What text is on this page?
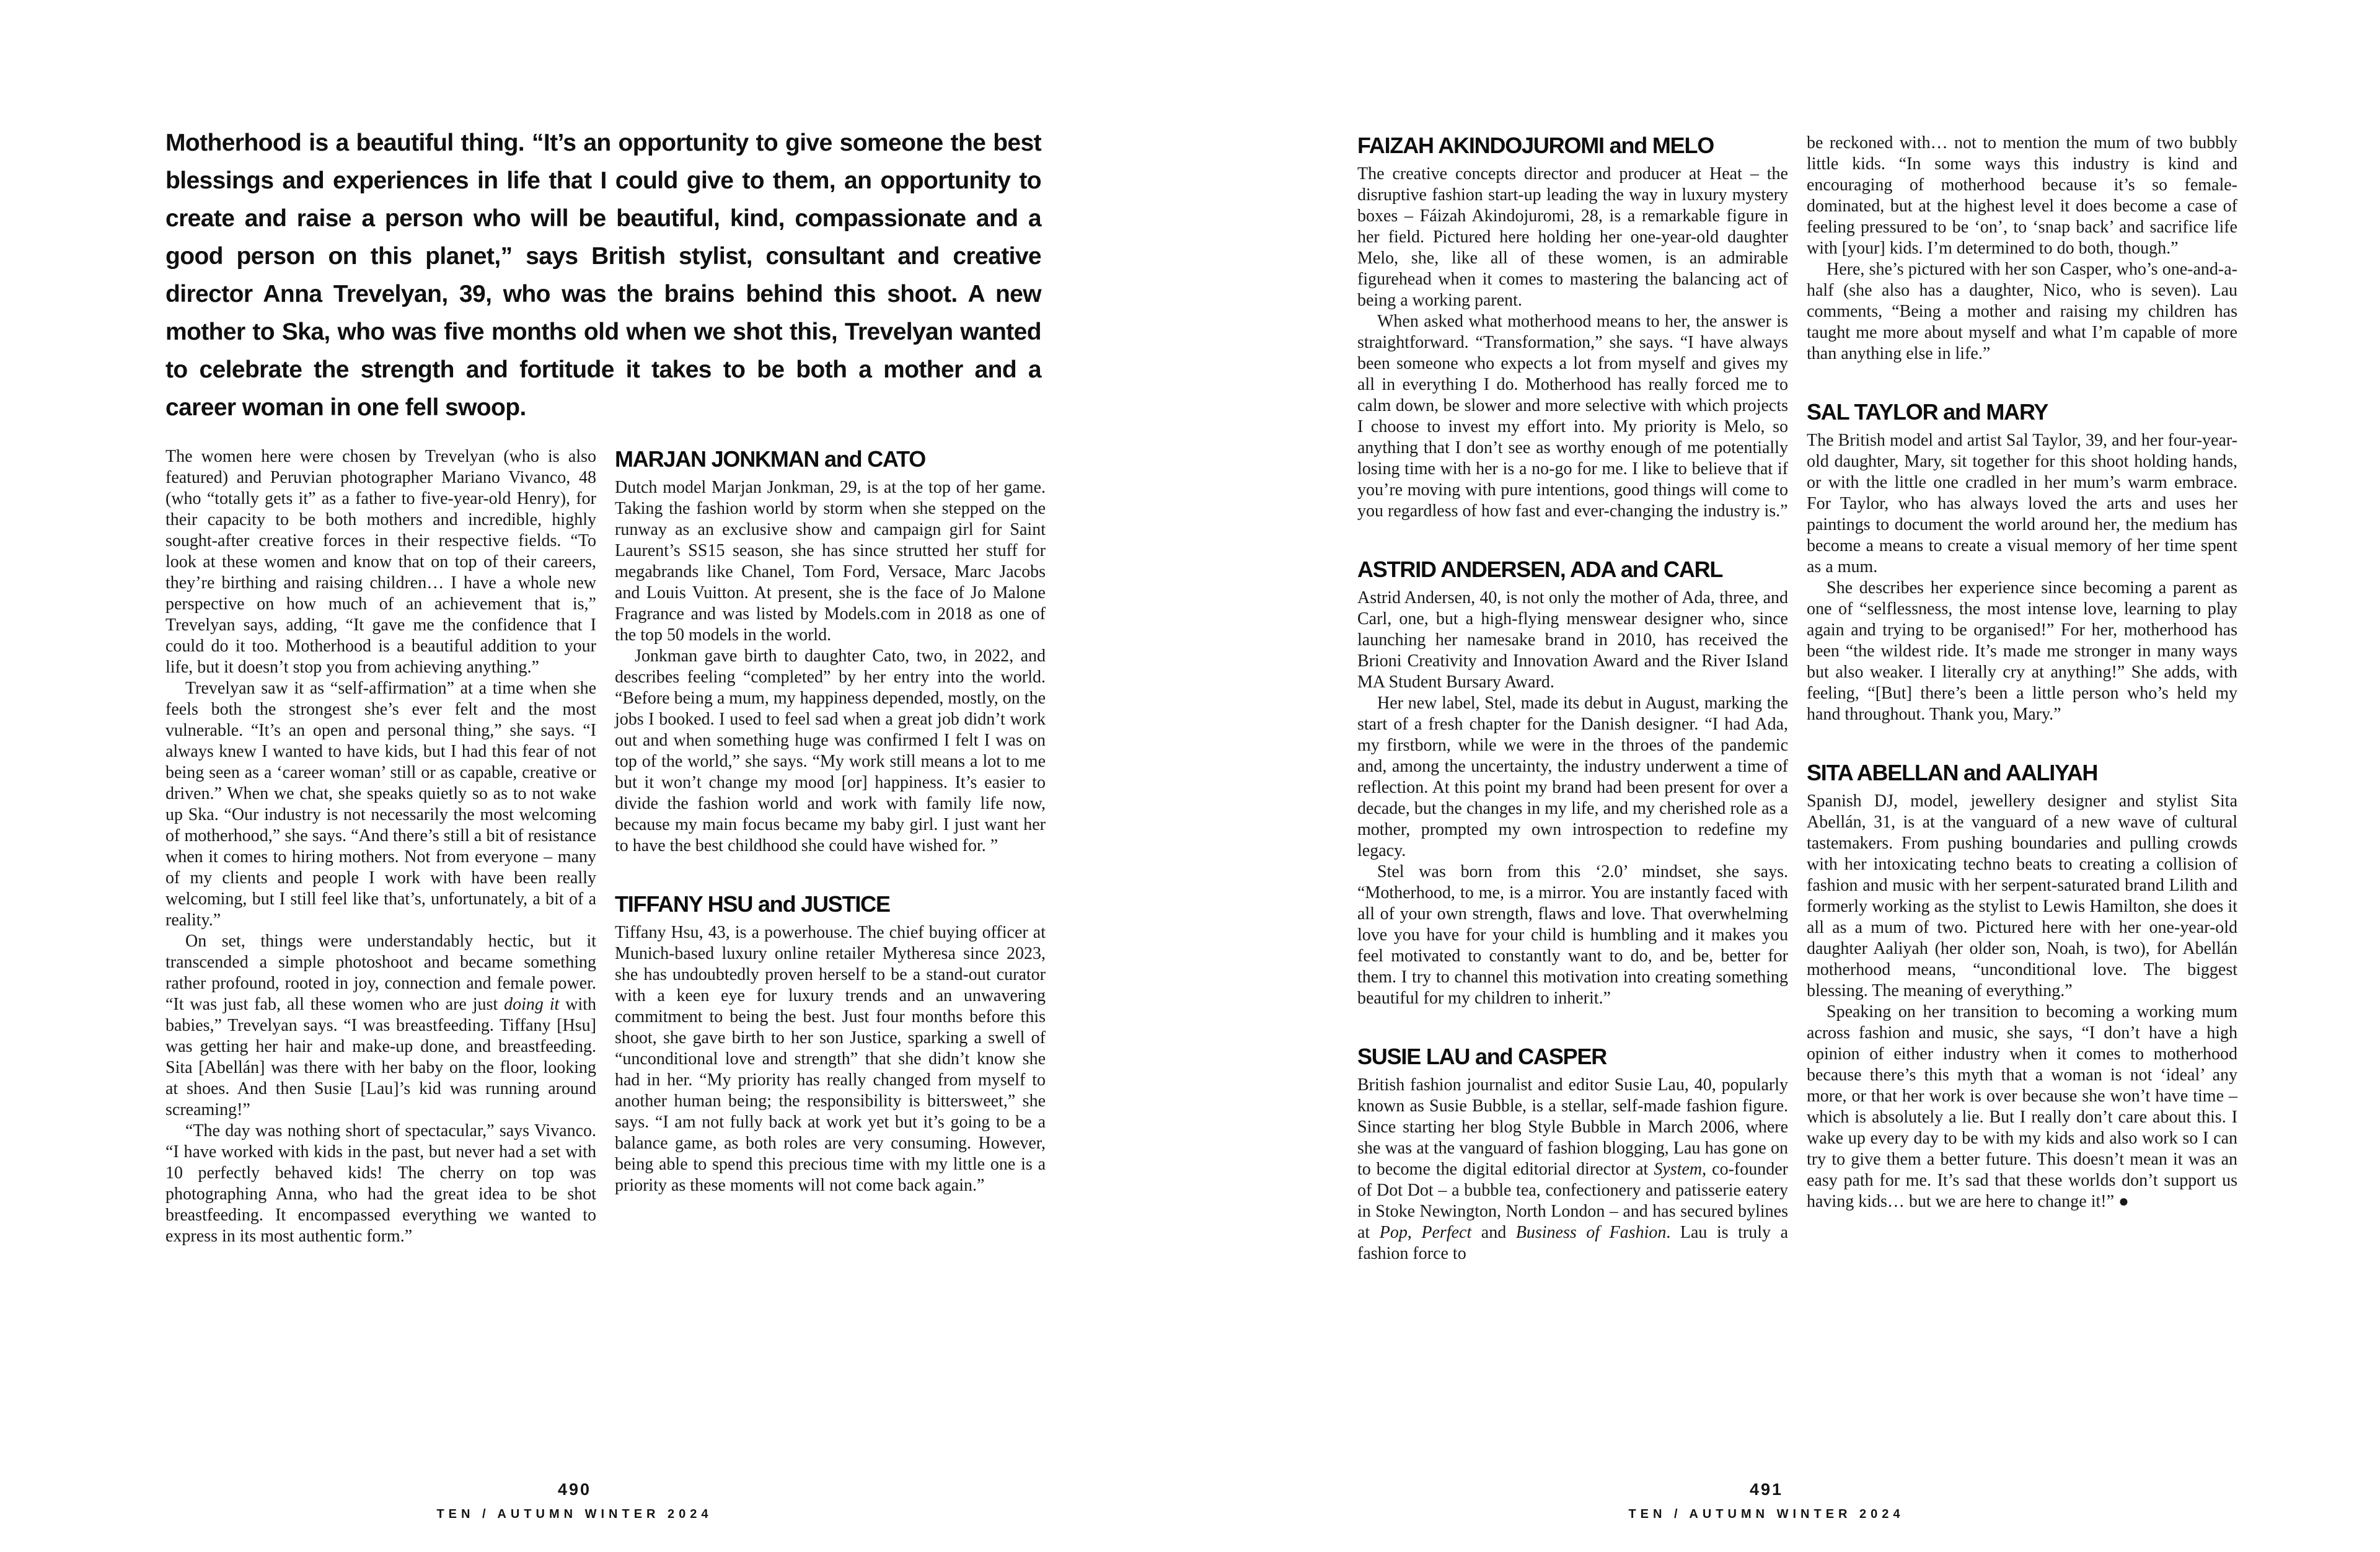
Motherhood is a beautiful thing. “It’s an opportunity to give someone the best blessings and experiences in life that I could give to them, an opportunity to create and raise a person who will be beautiful, kind, compassionate and a good person on this planet,” says British stylist, consultant and creative director Anna Trevelyan, 39, who was the brains behind this shoot. A new mother to Ska, who was five months old when we shot this, Trevelyan wanted to celebrate the strength and fortitude it takes to be both a mother and a career woman in one fell swoop.

The women here were chosen by Trevelyan (who is also featured) and Peruvian photographer Mariano Vivanco, 48 (who “totally gets it” as a father to five-year-old Henry), for their capacity to be both mothers and incredible, highly sought-after creative forces in their respective fields. “To look at these women and know that on top of their careers, they’re birthing and raising children… I have a whole new perspective on how much of an achievement that is,” Trevelyan says, adding, “It gave me the confidence that I could do it too. Motherhood is a beautiful addition to your life, but it doesn’t stop you from achieving anything.”

Trevelyan saw it as “self-affirmation” at a time when she feels both the strongest she’s ever felt and the most vulnerable. “It’s an open and personal thing,” she says. “I always knew I wanted to have kids, but I had this fear of not being seen as a ‘career woman’ still or as capable, creative or driven.” When we chat, she speaks quietly so as to not wake up Ska. “Our industry is not necessarily the most welcoming of motherhood,” she says. “And there’s still a bit of resistance when it comes to hiring mothers. Not from everyone – many of my clients and people I work with have been really welcoming, but I still feel like that’s, unfortunately, a bit of a reality.”

On set, things were understandably hectic, but it transcended a simple photoshoot and became something rather profound, rooted in joy, connection and female power. “It was just fab, all these women who are just doing it with babies,” Trevelyan says. “I was breastfeeding. Tiffany [Hsu] was getting her hair and make-up done, and breastfeeding. Sita [Abellán] was there with her baby on the floor, looking at shoes. And then Susie [Lau]’s kid was running around screaming!”

“The day was nothing short of spectacular,” says Vivanco. “I have worked with kids in the past, but never had a set with 10 perfectly behaved kids! The cherry on top was photographing Anna, who had the great idea to be shot breastfeeding. It encompassed everything we wanted to express in its most authentic form.”

MARJAN JONKMAN and CATO

Dutch model Marjan Jonkman, 29, is at the top of her game. Taking the fashion world by storm when she stepped on the runway as an exclusive show and campaign girl for Saint Laurent’s SS15 season, she has since strutted her stuff for megabrands like Chanel, Tom Ford, Versace, Marc Jacobs and Louis Vuitton. At present, she is the face of Jo Malone Fragrance and was listed by Models.com in 2018 as one of the top 50 models in the world.

Jonkman gave birth to daughter Cato, two, in 2022, and describes feeling “completed” by her entry into the world. “Before being a mum, my happiness depended, mostly, on the jobs I booked. I used to feel sad when a great job didn’t work out and when something huge was confirmed I felt I was on top of the world,” she says. “My work still means a lot to me but it won’t change my mood [or] happiness. It’s easier to divide the fashion world and work with family life now, because my main focus became my baby girl. I just want her to have the best childhood she could have wished for. ”

TIFFANY HSU and JUSTICE

Tiffany Hsu, 43, is a powerhouse. The chief buying officer at Munich-based luxury online retailer Mytheresa since 2023, she has undoubtedly proven herself to be a stand-out curator with a keen eye for luxury trends and an unwavering commitment to being the best. Just four months before this shoot, she gave birth to her son Justice, sparking a swell of “unconditional love and strength” that she didn’t know she had in her. “My priority has really changed from myself to another human being; the responsibility is bittersweet,” she says. “I am not fully back at work yet but it’s going to be a balance game, as both roles are very consuming. However, being able to spend this precious time with my little one is a priority as these moments will not come back again.”

FAIZAH AKINDOJUROMI and MELO

The creative concepts director and producer at Heat – the disruptive fashion start-up leading the way in luxury mystery boxes – Fáizah Akindojuromi, 28, is a remarkable figure in her field. Pictured here holding her one-year-old daughter Melo, she, like all of these women, is an admirable figurehead when it comes to mastering the balancing act of being a working parent.

When asked what motherhood means to her, the answer is straightforward. “Transformation,” she says. “I have always been someone who expects a lot from myself and gives my all in everything I do. Motherhood has really forced me to calm down, be slower and more selective with which projects I choose to invest my effort into. My priority is Melo, so anything that I don’t see as worthy enough of me potentially losing time with her is a no-go for me. I like to believe that if you’re moving with pure intentions, good things will come to you regardless of how fast and ever-changing the industry is.”

ASTRID ANDERSEN, ADA and CARL

Astrid Andersen, 40, is not only the mother of Ada, three, and Carl, one, but a high-flying menswear designer who, since launching her namesake brand in 2010, has received the Brioni Creativity and Innovation Award and the River Island MA Student Bursary Award.

Her new label, Stel, made its debut in August, marking the start of a fresh chapter for the Danish designer. “I had Ada, my firstborn, while we were in the throes of the pandemic and, among the uncertainty, the industry underwent a time of reflection. At this point my brand had been present for over a decade, but the changes in my life, and my cherished role as a mother, prompted my own introspection to redefine my legacy.

Stel was born from this ‘2.0’ mindset, she says. “Motherhood, to me, is a mirror. You are instantly faced with all of your own strength, flaws and love. That overwhelming love you have for your child is humbling and it makes you feel motivated to constantly want to do, and be, better for them. I try to channel this motivation into creating something beautiful for my children to inherit.”

SUSIE LAU and CASPER

British fashion journalist and editor Susie Lau, 40, popularly known as Susie Bubble, is a stellar, self-made fashion figure. Since starting her blog Style Bubble in March 2006, where she was at the vanguard of fashion blogging, Lau has gone on to become the digital editorial director at System, co-founder of Dot Dot – a bubble tea, confectionery and patisserie eatery in Stoke Newington, North London – and has secured bylines at Pop, Perfect and Business of Fashion. Lau is truly a fashion force to

be reckoned with… not to mention the mum of two bubbly little kids. “In some ways this industry is kind and encouraging of motherhood because it’s so female-dominated, but at the highest level it does become a case of feeling pressured to be ‘on’, to ‘snap back’ and sacrifice life with [your] kids. I’m determined to do both, though.”

Here, she’s pictured with her son Casper, who’s one-and-a-half (she also has a daughter, Nico, who is seven). Lau comments, “Being a mother and raising my children has taught me more about myself and what I’m capable of more than anything else in life.”

SAL TAYLOR and MARY

The British model and artist Sal Taylor, 39, and her four-year-old daughter, Mary, sit together for this shoot holding hands, or with the little one cradled in her mum’s warm embrace. For Taylor, who has always loved the arts and uses her paintings to document the world around her, the medium has become a means to create a visual memory of her time spent as a mum.

She describes her experience since becoming a parent as one of “selflessness, the most intense love, learning to play again and trying to be organised!” For her, motherhood has been “the wildest ride. It’s made me stronger in many ways but also weaker. I literally cry at anything!” She adds, with feeling, “[But] there’s been a little person who’s held my hand throughout. Thank you, Mary.”

SITA ABELLAN and AALIYAH

Spanish DJ, model, jewellery designer and stylist Sita Abellán, 31, is at the vanguard of a new wave of cultural tastemakers. From pushing boundaries and pulling crowds with her intoxicating techno beats to creating a collision of fashion and music with her serpent-saturated brand Lilith and formerly working as the stylist to Lewis Hamilton, she does it all as a mum of two. Pictured here with her one-year-old daughter Aaliyah (her older son, Noah, is two), for Abellán motherhood means, “unconditional love. The biggest blessing. The meaning of everything.”

Speaking on her transition to becoming a working mum across fashion and music, she says, “I don’t have a high opinion of either industry when it comes to motherhood because there’s this myth that a woman is not ‘ideal’ any more, or that her work is over because she won’t have time – which is absolutely a lie. But I really don’t care about this. I wake up every day to be with my kids and also work so I can try to give them a better future. This doesn’t mean it was an easy path for me. It’s sad that these worlds don’t support us having kids… but we are here to change it!” ●

490
TEN / AUTUMN WINTER 2024
491
TEN / AUTUMN WINTER 2024
